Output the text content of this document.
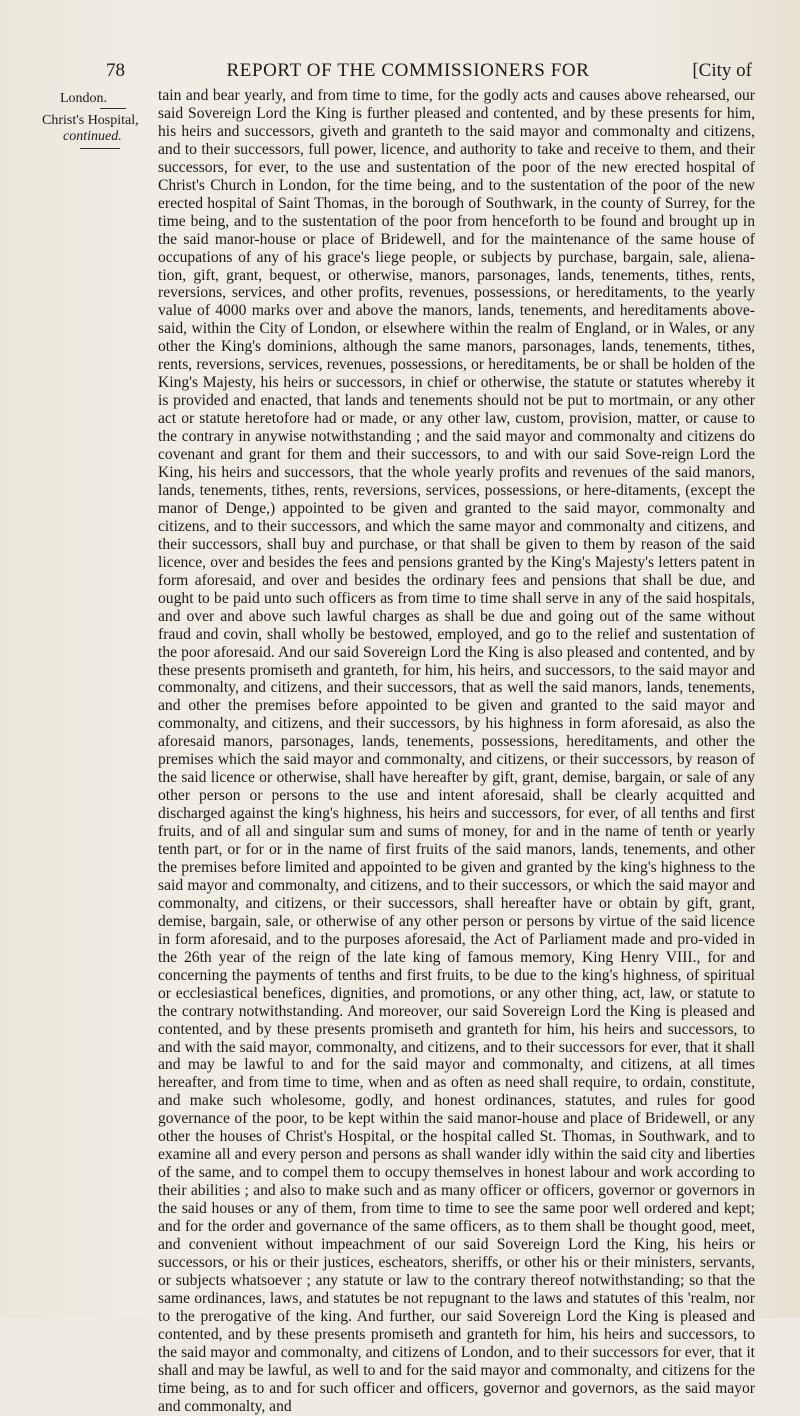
78	REPORT OF THE COMMISSIONERS FOR	[City of
London.
Christ's Hospital,
continued.

tain and bear yearly, and from time to time, for the godly acts and causes above rehearsed, our said Sovereign Lord the King is further pleased and contented, and by these presents for him, his heirs and successors, giveth and granteth to the said mayor and commonalty and citizens, and to their successors, full power, licence, and authority to take and receive to them, and their successors, for ever, to the use and sustentation of the poor of the new erected hospital of Christ's Church in London, for the time being, and to the sustentation of the poor of the new erected hospital of Saint Thomas, in the borough of Southwark, in the county of Surrey, for the time being, and to the sustentation of the poor from henceforth to be found and brought up in the said manor-house or place of Bridewell, and for the maintenance of the same house of occupations of any of his grace's liege people, or subjects by purchase, bargain, sale, aliena-tion, gift, grant, bequest, or otherwise, manors, parsonages, lands, tenements, tithes, rents, reversions, services, and other profits, revenues, possessions, or hereditaments, to the yearly value of 4000 marks over and above the manors, lands, tenements, and hereditaments above-said, within the City of London, or elsewhere within the realm of England, or in Wales, or any other the King's dominions, although the same manors, parsonages, lands, tenements, tithes, rents, reversions, services, revenues, possessions, or hereditaments, be or shall be holden of the King's Majesty, his heirs or successors, in chief or otherwise, the statute or statutes whereby it is provided and enacted, that lands and tenements should not be put to mortmain, or any other act or statute heretofore had or made, or any other law, custom, provision, matter, or cause to the contrary in anywise notwithstanding ; and the said mayor and commonalty and citizens do covenant and grant for them and their successors, to and with our said Sove-reign Lord the King, his heirs and successors, that the whole yearly profits and revenues of the said manors, lands, tenements, tithes, rents, reversions, services, possessions, or here-ditaments, (except the manor of Denge,) appointed to be given and granted to the said mayor, commonalty and citizens, and to their successors, and which the same mayor and commonalty and citizens, and their successors, shall buy and purchase, or that shall be given to them by reason of the said licence, over and besides the fees and pensions granted by the King's Majesty's letters patent in form aforesaid, and over and besides the ordinary fees and pensions that shall be due, and ought to be paid unto such officers as from time to time shall serve in any of the said hospitals, and over and above such lawful charges as shall be due and going out of the same without fraud and covin, shall wholly be bestowed, employed, and go to the relief and sustentation of the poor aforesaid. And our said Sovereign Lord the King is also pleased and contented, and by these presents promiseth and granteth, for him, his heirs, and successors, to the said mayor and commonalty, and citizens, and their successors, that as well the said manors, lands, tenements, and other the premises before appointed to be given and granted to the said mayor and commonalty, and citizens, and their successors, by his highness in form aforesaid, as also the aforesaid manors, parsonages, lands, tenements, possessions, hereditaments, and other the premises which the said mayor and commonalty, and citizens, or their successors, by reason of the said licence or otherwise, shall have hereafter by gift, grant, demise, bargain, or sale of any other person or persons to the use and intent aforesaid, shall be clearly acquitted and discharged against the king's highness, his heirs and successors, for ever, of all tenths and first fruits, and of all and singular sum and sums of money, for and in the name of tenth or yearly tenth part, or for or in the name of first fruits of the said manors, lands, tenements, and other the premises before limited and appointed to be given and granted by the king's highness to the said mayor and commonalty, and citizens, and to their successors, or which the said mayor and commonalty, and citizens, or their successors, shall hereafter have or obtain by gift, grant, demise, bargain, sale, or otherwise of any other person or persons by virtue of the said licence in form aforesaid, and to the purposes aforesaid, the Act of Parliament made and pro-vided in the 26th year of the reign of the late king of famous memory, King Henry VIII., for and concerning the payments of tenths and first fruits, to be due to the king's highness, of spiritual or ecclesiastical benefices, dignities, and promotions, or any other thing, act, law, or statute to the contrary notwithstanding. And moreover, our said Sovereign Lord the King is pleased and contented, and by these presents promiseth and granteth for him, his heirs and successors, to and with the said mayor, commonalty, and citizens, and to their successors for ever, that it shall and may be lawful to and for the said mayor and commonalty, and citizens, at all times hereafter, and from time to time, when and as often as need shall require, to ordain, constitute, and make such wholesome, godly, and honest ordinances, statutes, and rules for good governance of the poor, to be kept within the said manor-house and place of Bridewell, or any other the houses of Christ's Hospital, or the hospital called St. Thomas, in Southwark, and to examine all and every person and persons as shall wander idly within the said city and liberties of the same, and to compel them to occupy themselves in honest labour and work according to their abilities ; and also to make such and as many officer or officers, governor or governors in the said houses or any of them, from time to time to see the same poor well ordered and kept; and for the order and governance of the same officers, as to them shall be thought good, meet, and convenient without impeachment of our said Sovereign Lord the King, his heirs or successors, or his or their justices, escheators, sheriffs, or other his or their ministers, servants, or subjects whatsoever ; any statute or law to the contrary thereof notwithstanding; so that the same ordinances, laws, and statutes be not repugnant to the laws and statutes of this 'realm, nor to the prerogative of the king. And further, our said Sovereign Lord the King is pleased and contented, and by these presents promiseth and granteth for him, his heirs and successors, to the said mayor and commonalty, and citizens of London, and to their successors for ever, that it shall and may be lawful, as well to and for the said mayor and commonalty, and citizens for the time being, as to and for such officer and officers, governor and governors, as the said mayor and commonalty, and
